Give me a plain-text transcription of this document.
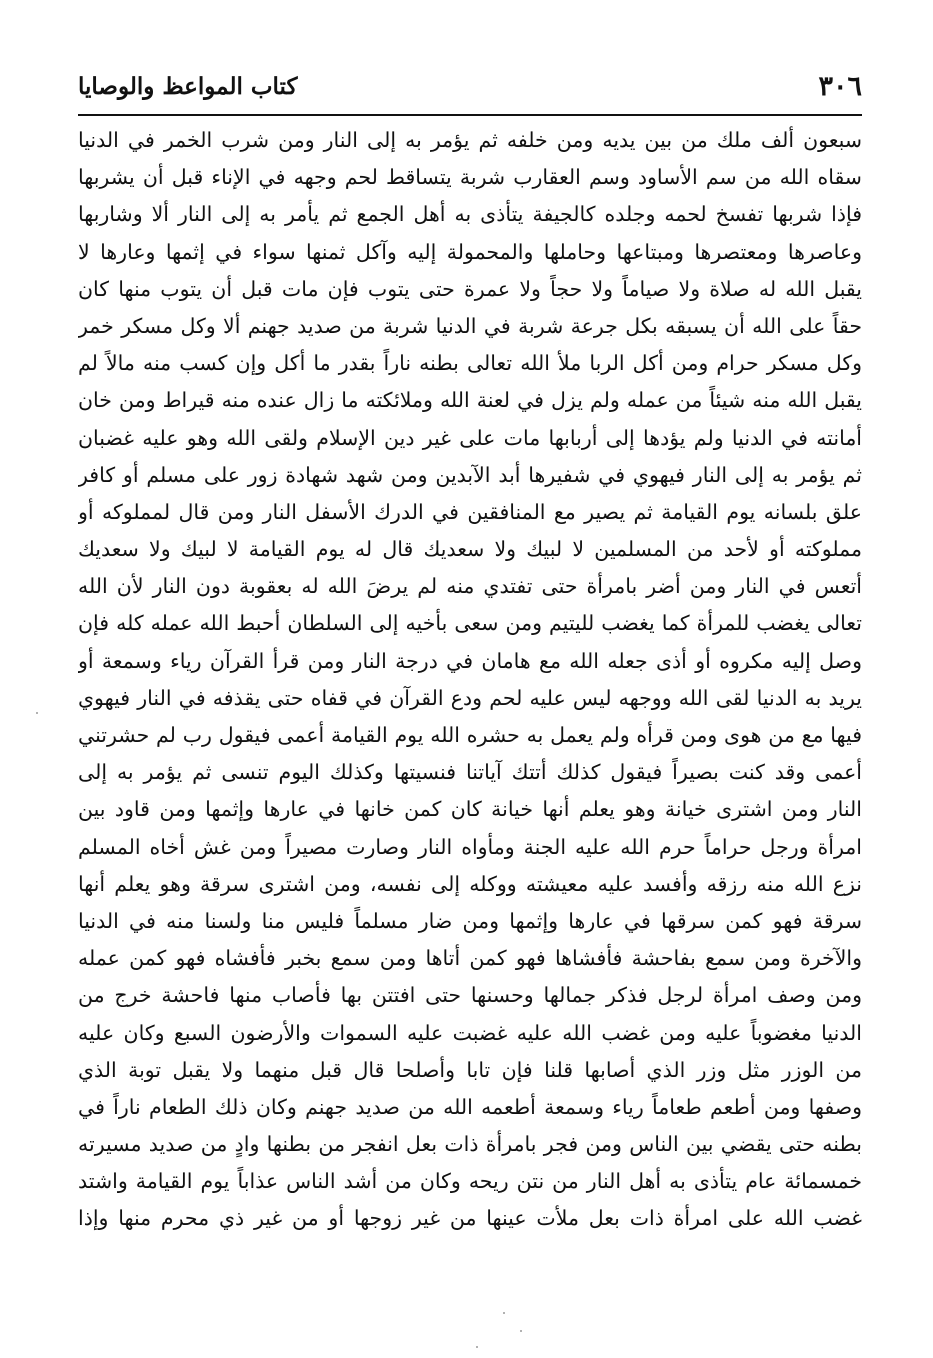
٣٠٦
كتاب المواعظ والوصايا
سبعون ألف ملك من بين يديه ومن خلفه ثم يؤمر به إلى النار ومن شرب الخمر في الدنيا
سقاه الله من سم الأساود وسم العقارب شربة يتساقط لحم وجهه في الإناء قبل أن يشربها
فإذا شربها تفسخ لحمه وجلده كالجيفة يتأذى به أهل الجمع ثم يأمر به إلى النار ألا وشاربها
وعاصرها ومعتصرها ومبتاعها وحاملها والمحمولة إليه وآكل ثمنها سواء في إثمها وعارها لا
يقبل الله له صلاة ولا صياماً ولا حجاً ولا عمرة حتى يتوب فإن مات قبل أن يتوب منها كان
حقاً على الله أن يسبقه بكل جرعة شربة في الدنيا شربة من صديد جهنم ألا وكل مسكر خمر
وكل مسكر حرام ومن أكل الربا ملأ الله تعالى بطنه ناراً بقدر ما أكل وإن كسب منه مالاً لم
يقبل الله منه شيئاً من عمله ولم يزل في لعنة الله وملائكته ما زال عنده منه قيراط ومن خان
أمانته في الدنيا ولم يؤدها إلى أربابها مات على غير دين الإسلام ولقى الله وهو عليه غضبان
ثم يؤمر به إلى النار فيهوي في شفيرها أبد الآبدين ومن شهد شهادة زور على مسلم أو كافر
علق بلسانه يوم القيامة ثم يصير مع المنافقين في الدرك الأسفل النار ومن قال لمملوكه أو
مملوكته أو لأحد من المسلمين لا لبيك ولا سعديك قال له يوم القيامة لا لبيك ولا سعديك
أتعس في النار ومن أضر بامرأة حتى تفتدي منه لم يرضَ الله له بعقوبة دون النار لأن الله
تعالى يغضب للمرأة كما يغضب لليتيم ومن سعى بأخيه إلى السلطان أحبط الله عمله كله فإن
وصل إليه مكروه أو أذى جعله الله مع هامان في درجة النار ومن قرأ القرآن رياء وسمعة أو
يريد به الدنيا لقى الله ووجهه ليس عليه لحم ودع القرآن في قفاه حتى يقذفه في النار فيهوي
فيها مع من هوى ومن قرأه ولم يعمل به حشره الله يوم القيامة أعمى فيقول رب لم حشرتني
أعمى وقد كنت بصيراً فيقول كذلك أتتك آياتنا فنسيتها وكذلك اليوم تنسى ثم يؤمر به إلى
النار ومن اشترى خيانة وهو يعلم أنها خيانة كان كمن خانها في عارها وإثمها ومن قاود بين
امرأة ورجل حراماً حرم الله عليه الجنة ومأواه النار وصارت مصيراً ومن غش أخاه المسلم
نزع الله منه رزقه وأفسد عليه معيشته ووكله إلى نفسه، ومن اشترى سرقة وهو يعلم أنها
سرقة فهو كمن سرقها في عارها وإثمها ومن ضار مسلماً فليس منا ولسنا منه في الدنيا
والآخرة ومن سمع بفاحشة فأفشاها فهو كمن أتاها ومن سمع بخبر فأفشاه فهو كمن عمله
ومن وصف امرأة لرجل فذكر جمالها وحسنها حتى افتتن بها فأصاب منها فاحشة خرج من
الدنيا مغضوباً عليه ومن غضب الله عليه غضبت عليه السموات والأرضون السبع وكان عليه
من الوزر مثل وزر الذي أصابها قلنا فإن تابا وأصلحا قال قبل منهما ولا يقبل توبة الذي
وصفها ومن أطعم طعاماً رياء وسمعة أطعمه الله من صديد جهنم وكان ذلك الطعام ناراً في
بطنه حتى يقضي بين الناس ومن فجر بامرأة ذات بعل انفجر من بطنها وادٍ من صديد مسيرته
خمسمائة عام يتأذى به أهل النار من نتن ريحه وكان من أشد الناس عذاباً يوم القيامة واشتد
غضب الله على امرأة ذات بعل ملأت عينها من غير زوجها أو من غير ذي محرم منها وإذا
